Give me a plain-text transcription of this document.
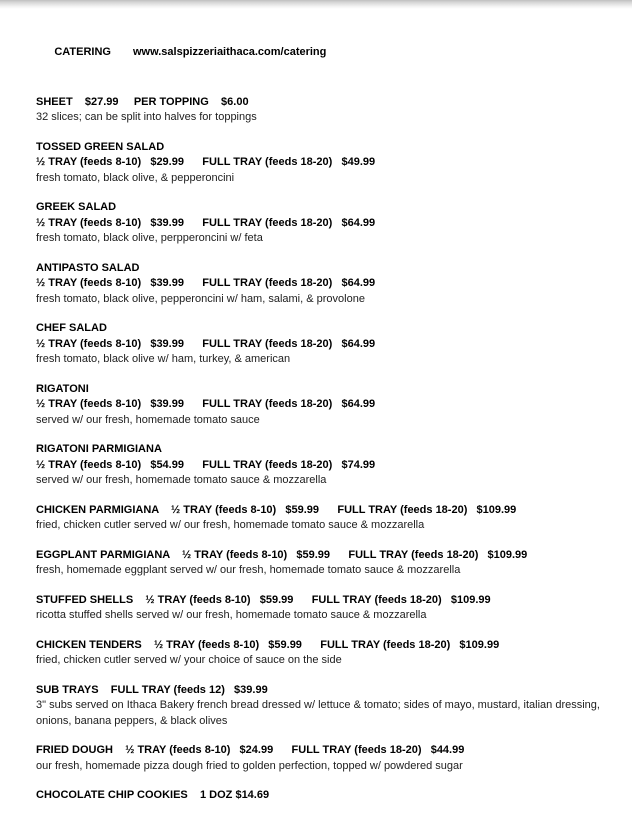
CATERING www.salspizzeriaithaca.com/catering

SHEET    $27.99     PER TOPPING    $6.00
32 slices; can be split into halves for toppings
TOSSED GREEN SALAD
½ TRAY (feeds 8-10)   $29.99      FULL TRAY (feeds 18-20)   $49.99
fresh tomato, black olive, & pepperoncini
GREEK SALAD
½ TRAY (feeds 8-10)   $39.99      FULL TRAY (feeds 18-20)   $64.99
fresh tomato, black olive, perpperoncini w/ feta
ANTIPASTO SALAD
½ TRAY (feeds 8-10)   $39.99      FULL TRAY (feeds 18-20)   $64.99
fresh tomato, black olive, pepperoncini w/ ham, salami, & provolone
CHEF SALAD
½ TRAY (feeds 8-10)   $39.99      FULL TRAY (feeds 18-20)   $64.99
fresh tomato, black olive w/ ham, turkey, & american
RIGATONI
½ TRAY (feeds 8-10)   $39.99      FULL TRAY (feeds 18-20)   $64.99
served w/ our fresh, homemade tomato sauce
RIGATONI PARMIGIANA
½ TRAY (feeds 8-10)   $54.99      FULL TRAY (feeds 18-20)   $74.99
served w/ our fresh, homemade tomato sauce & mozzarella
CHICKEN PARMIGIANA    ½ TRAY (feeds 8-10)   $59.99      FULL TRAY (feeds 18-20)   $109.99
fried, chicken cutler served w/ our fresh, homemade tomato sauce & mozzarella
EGGPLANT PARMIGIANA    ½ TRAY (feeds 8-10)   $59.99      FULL TRAY (feeds 18-20)   $109.99
fresh, homemade eggplant served w/ our fresh, homemade tomato sauce & mozzarella
STUFFED SHELLS    ½ TRAY (feeds 8-10)   $59.99      FULL TRAY (feeds 18-20)   $109.99
ricotta stuffed shells served w/ our fresh, homemade tomato sauce & mozzarella
CHICKEN TENDERS    ½ TRAY (feeds 8-10)   $59.99      FULL TRAY (feeds 18-20)   $109.99
fried, chicken cutler served w/ your choice of sauce on the side
SUB TRAYS    FULL TRAY (feeds 12)   $39.99
3" subs served on Ithaca Bakery french bread dressed w/ lettuce & tomato; sides of mayo, mustard, italian dressing, onions, banana peppers, & black olives
FRIED DOUGH    ½ TRAY (feeds 8-10)   $24.99      FULL TRAY (feeds 18-20)   $44.99
our fresh, homemade pizza dough fried to golden perfection, topped w/ powdered sugar
CHOCOLATE CHIP COOKIES    1 DOZ $14.69
